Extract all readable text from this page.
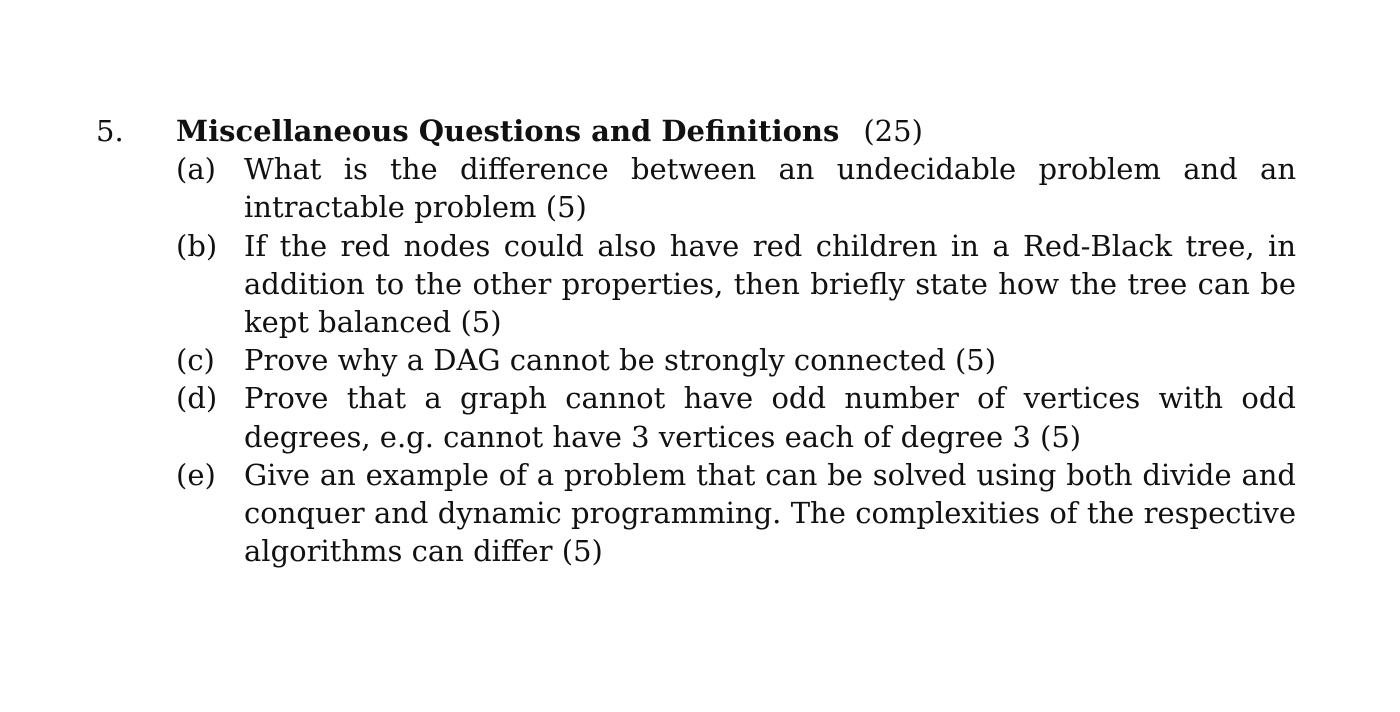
5.	Miscellaneous Questions and Definitions (25)
(a) What is the difference between an undecidable problem and an intractable problem (5)
(b) If the red nodes could also have red children in a Red-Black tree, in addition to the other properties, then briefly state how the tree can be kept balanced (5)
(c)	Prove why a DAG cannot be strongly connected (5)
(d) Prove that a graph cannot have odd number of vertices with odd degrees, e.g. cannot have 3 vertices each of degree 3 (5)
(e) Give an example of a problem that can be solved using both divide and conquer and dynamic programming. The complexities of the respective algorithms can differ (5)
